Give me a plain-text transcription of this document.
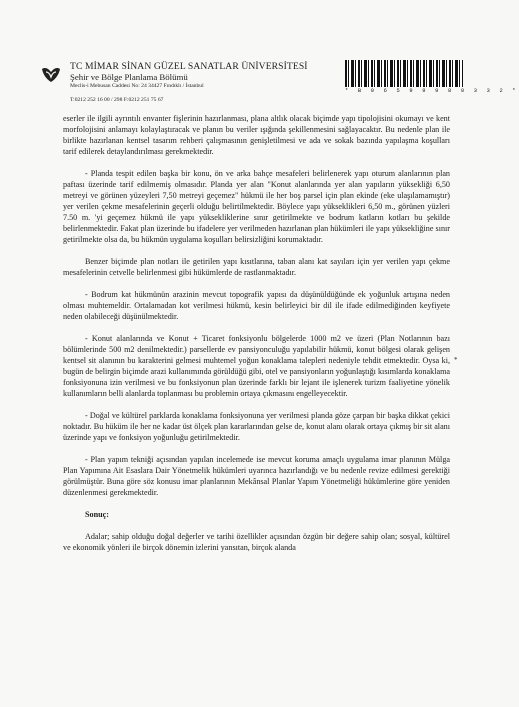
TC MİMAR SİNAN GÜZEL SANATLAR ÜNİVERSİTESİ
Şehir ve Bölge Planlama Bölümü
Meclis-i Mebusan Caddesi No: 24 34427 Fındıklı / İstanbul
T:0212 252 16 00 / 298 F:0212 251 75 67
* B 0 6 5 9 9 9 8 0 3 3 2 *

eserler ile ilgili ayrıntılı envanter fişlerinin hazırlanması, plana altlık olacak biçimde yapı tipolojisini okumayı ve kent morfolojisini anlamayı kolaylaştıracak ve planın bu veriler ışığında şekillenmesini sağlayacaktır. Bu nedenle plan ile birlikte hazırlanan kentsel tasarım rehberi çalışmasının genişletilmesi ve ada ve sokak bazında yapılaşma koşulları tarif edilerek detaylandırılması gerekmektedir.

- Planda tespit edilen başka bir konu, ön ve arka bahçe mesafeleri belirlenerek yapı oturum alanlarının plan paftası üzerinde tarif edilmemiş olmasıdır. Planda yer alan "Konut alanlarında yer alan yapıların yüksekliği 6,50 metreyi ve görünen yüzeyleri 7,50 metreyi geçemez" hükmü ile her boş parsel için plan ekinde (eke ulaşılamamıştır) yer verilen çekme mesafelerinin geçerli olduğu belirtilmektedir. Böylece yapı yükseklikleri 6,50 m., görünen yüzleri 7.50 m. 'yi geçemez hükmü ile yapı yüksekliklerine sınır getirilmekte ve bodrum katların kotları bu şekilde belirlenmektedir. Fakat plan üzerinde bu ifadelere yer verilmeden hazırlanan plan hükümleri ile yapı yüksekliğine sınır getirilmekte olsa da, bu hükmün uygulama koşulları belirsizliğini korumaktadır.

Benzer biçimde plan notları ile getirilen yapı kısıtlarına, taban alanı kat sayıları için yer verilen yapı çekme mesafelerinin cetvelle belirlenmesi gibi hükümlerde de rastlanmaktadır.

- Bodrum kat hükmünün arazinin mevcut topografik yapısı da düşünüldüğünde ek yoğunluk artışına neden olması muhtemeldir. Ortalamadan kot verilmesi hükmü, kesin belirleyici bir dil ile ifade edilmediğinden keyfiyete neden olabileceği düşünülmektedir.

- Konut alanlarında ve Konut + Ticaret fonksiyonlu bölgelerde 1000 m2 ve üzeri (Plan Notlarının bazı bölümlerinde 500 m2 denilmektedir.) parsellerde ev pansiyonculuğu yapılabilir hükmü, konut bölgesi olarak gelişen kentsel sit alanının bu karakterini gelmesi muhtemel yoğun konaklama talepleri nedeniyle tehdit etmektedir. Oysa ki, bugün de belirgin biçimde arazi kullanımında görüldüğü gibi, otel ve pansiyonların yoğunlaştığı kısımlarda konaklama fonksiyonuna izin verilmesi ve bu fonksiyonun plan üzerinde farklı bir lejant ile işlenerek turizm faaliyetine yönelik kullanımların belli alanlarda toplanması bu problemin ortaya çıkmasını engelleyecektir.

- Doğal ve kültürel parklarda konaklama fonksiyonuna yer verilmesi planda göze çarpan bir başka dikkat çekici noktadır. Bu hüküm ile her ne kadar üst ölçek plan kararlarından gelse de, konut alanı olarak ortaya çıkmış bir sit alanı üzerinde yapı ve fonksiyon yoğunluğu getirilmektedir.

- Plan yapım tekniği açısından yapılan incelemede ise mevcut koruma amaçlı uygulama imar planının Mülga Plan Yapımına Ait Esaslara Dair Yönetmelik hükümleri uyarınca hazırlandığı ve bu nedenle revize edilmesi gerektiği görülmüştür. Buna göre söz konusu imar planlarının Mekânsal Planlar Yapım Yönetmeliği hükümlerine göre yeniden düzenlenmesi gerekmektedir.

Sonuç:

Adalar; sahip olduğu doğal değerler ve tarihi özellikler açısından özgün bir değere sahip olan; sosyal, kültürel ve ekonomik yönleri ile birçok dönemin izlerini yansıtan, birçok alanda

*
